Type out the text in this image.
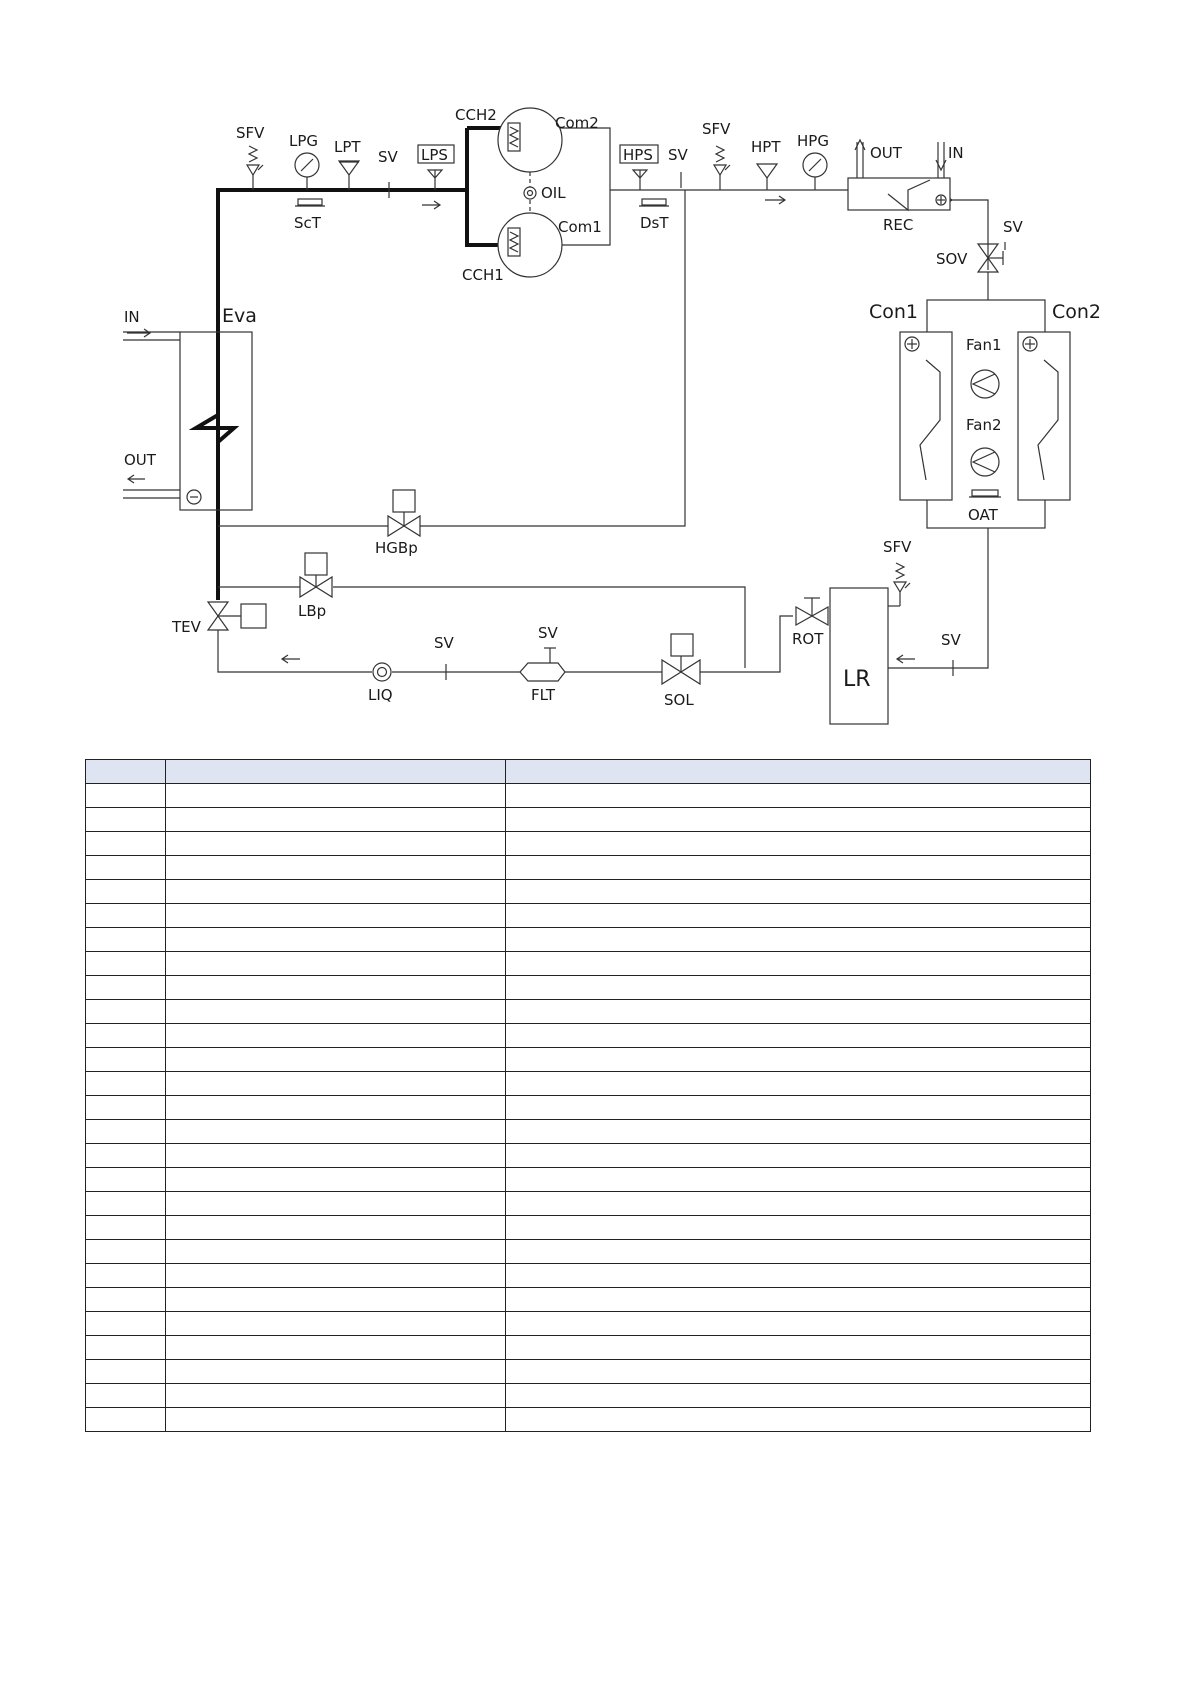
SFV LPG LPT
SV LPS
ScT
CCH2	Com2
OIL
Com1
CCH1
HPS SV
DsT
SFV
HPT HPG
OUT	IN
REC	SV
SOV
Con1	Con2
Fan1
Fan2
OAT
IN	Eva
OUT
HGBp
LBp
TEV
LIQ
SV
SV
FLT	SOL
ROT
SFV
LR
SV
